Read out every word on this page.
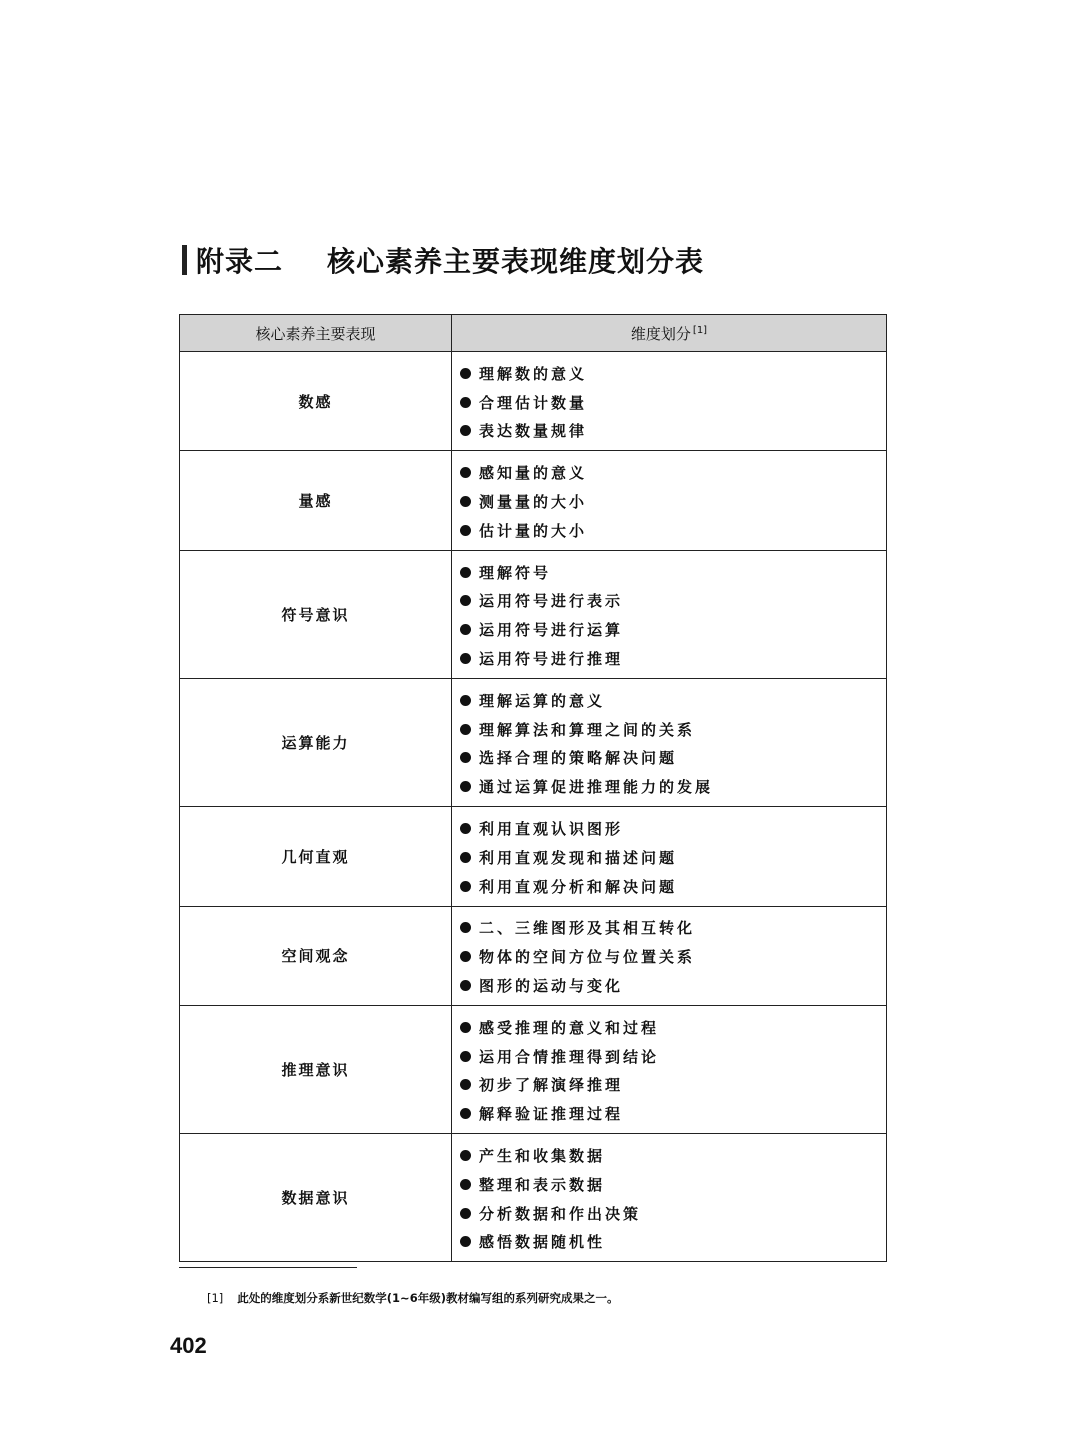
附录二 核心素养主要表现维度划分表
核心素养主要表现	维度划分 [1]
数感	理解数的意义
合理估计数量
表达数量规律

量感	感知量的意义
测量量的大小
估计量的大小

符号意识	理解符号
运用符号进行表示
运用符号进行运算
运用符号进行推理

运算能力	理解运算的意义
理解算法和算理之间的关系
选择合理的策略解决问题
通过运算促进推理能力的发展

几何直观	利用直观认识图形
利用直观发现和描述问题
利用直观分析和解决问题

空间观念	二、三维图形及其相互转化
物体的空间方位与位置关系
图形的运动与变化

推理意识	感受推理的意义和过程
运用合情推理得到结论
初步了解演绎推理
解释验证推理过程

数据意识	产生和收集数据
整理和表示数据
分析数据和作出决策
感悟数据随机性
[1] 此处的维度划分系新世纪数学(1~6年级)教材编写组的系列研究成果之一。
402
